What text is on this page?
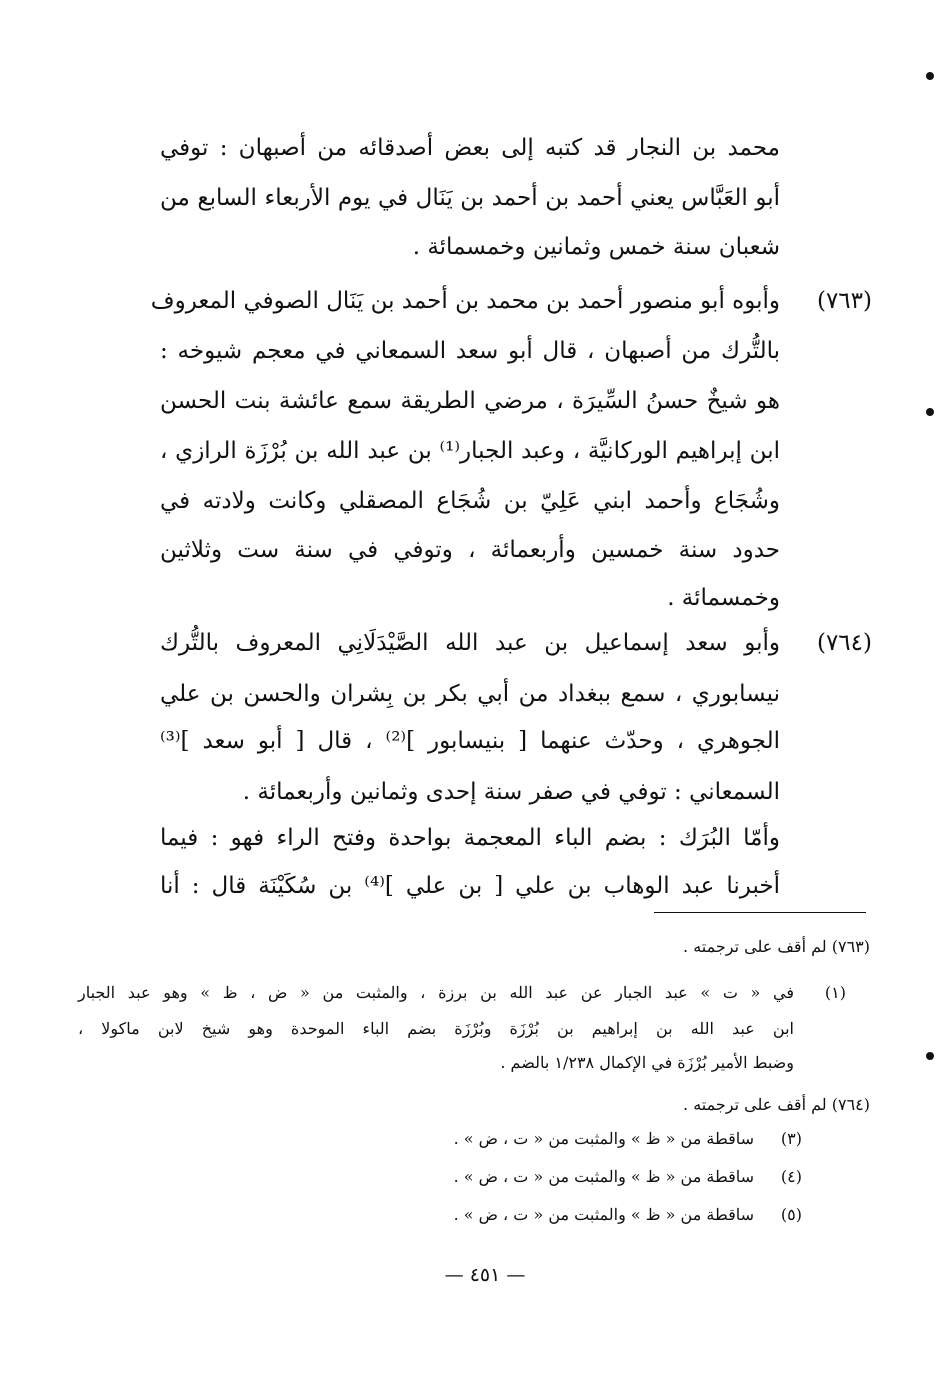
محمد بن النجار قد كتبه إلى بعض أصدقائه من أصبهان : توفي
أبو العَبَّاس يعني أحمد بن أحمد بن يَنَال في يوم الأربعاء السابع من
شعبان سنة خمس وثمانين وخمسمائة .
وأبوه أبو منصور أحمد بن محمد بن أحمد بن يَنَال الصوفي المعروف
بالتُّرك من أصبهان ، قال أبو سعد السمعاني في معجم شيوخه :
هو شيخٌ حسنُ السِّيرَة ، مرضي الطريقة سمع عائشة بنت الحسن
ابن إبراهيم الوركانيَّة ، وعبد الجبار⁽¹⁾ بن عبد الله بن بُرْزَة الرازي ،
وشُجَاع وأحمد ابني عَلِيّ بن شُجَاع المصقلي وكانت ولادته في
حدود سنة خمسين وأربعمائة ، وتوفي في سنة ست وثلاثين
وخمسمائة .
وأبو سعد إسماعيل بن عبد الله الصَّيْدَلَانِي المعروف بالتُّرك
نيسابوري ، سمع ببغداد من أبي بكر بن بِشران والحسن بن علي
الجوهري ، وحدّث عنهما [ بنيسابور ]⁽²⁾ ، قال [ أبو سعد ]⁽³⁾
السمعاني : توفي في صفر سنة إحدى وثمانين وأربعمائة .
وأمّا البُرَك : بضم الباء المعجمة بواحدة وفتح الراء فهو : فيما
أخبرنا عبد الوهاب بن علي [ بن علي ]⁽⁴⁾ بن سُكَيْنَة قال : أنا
(٧٦٣)
(٧٦٤)
(٧٦٣) لم أقف على ترجمته .
(١)
في « ت » عبد الجبار عن عبد الله بن برزة ، والمثبت من « ض ، ظ » وهو عبد الجبار
ابن عبد الله بن إبراهيم بن بُرْزَة وبُرْزَة بضم الباء الموحدة وهو شيخ لابن ماكولا ،
وضبط الأمير بُرْزَة في الإكمال ١/٢٣٨ بالضم .
(٧٦٤) لم أقف على ترجمته .
(٣)
ساقطة من « ظ » والمثبت من « ت ، ض » .
(٤)
ساقطة من « ظ » والمثبت من « ت ، ض » .
(٥)
ساقطة من « ظ » والمثبت من « ت ، ض » .
— ٤٥١ —
